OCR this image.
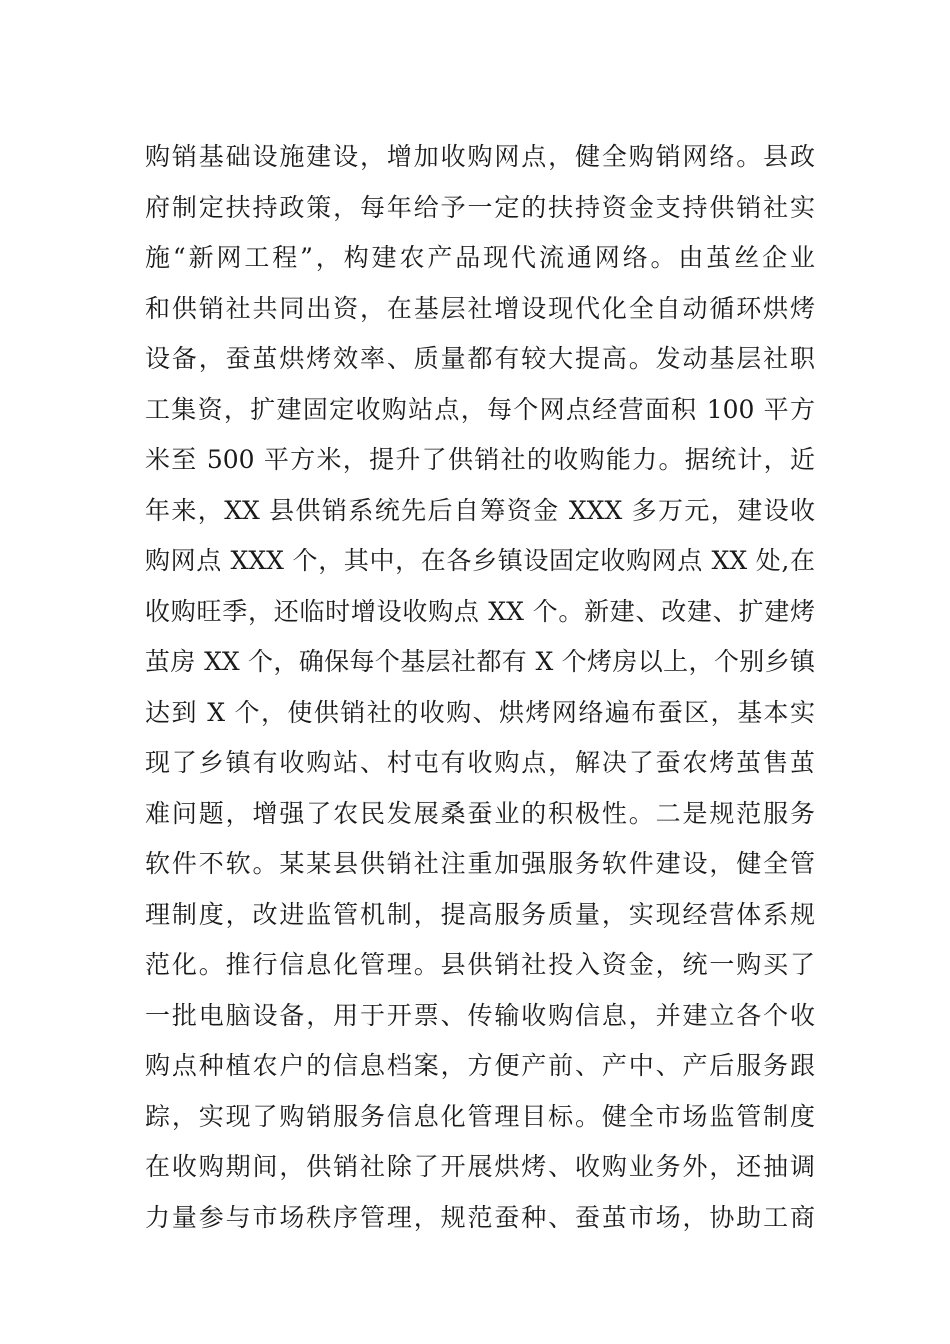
购销基础设施建设，增加收购网点，健全购销网络。县政
府制定扶持政策，每年给予一定的扶持资金支持供销社实
施“新网工程”，构建农产品现代流通网络。由茧丝企业
和供销社共同出资，在基层社增设现代化全自动循环烘烤
设备，蚕茧烘烤效率、质量都有较大提高。发动基层社职
工集资，扩建固定收购站点，每个网点经营面积 100 平方
米至 500 平方米，提升了供销社的收购能力。据统计，近
年来，XX 县供销系统先后自筹资金 XXX 多万元，建设收
购网点 XXX 个，其中，在各乡镇设固定收购网点 XX 处,在
收购旺季，还临时增设收购点 XX 个。新建、改建、扩建烤
茧房 XX 个，确保每个基层社都有 X 个烤房以上，个别乡镇
达到 X 个，使供销社的收购、烘烤网络遍布蚕区，基本实
现了乡镇有收购站、村屯有收购点，解决了蚕农烤茧售茧
难问题，增强了农民发展桑蚕业的积极性。二是规范服务
软件不软。某某县供销社注重加强服务软件建设，健全管
理制度，改进监管机制，提高服务质量，实现经营体系规
范化。推行信息化管理。县供销社投入资金，统一购买了
一批电脑设备，用于开票、传输收购信息，并建立各个收
购点种植农户的信息档案，方便产前、产中、产后服务跟
踪，实现了购销服务信息化管理目标。健全市场监管制度
在收购期间，供销社除了开展烘烤、收购业务外，还抽调
力量参与市场秩序管理，规范蚕种、蚕茧市场，协助工商
